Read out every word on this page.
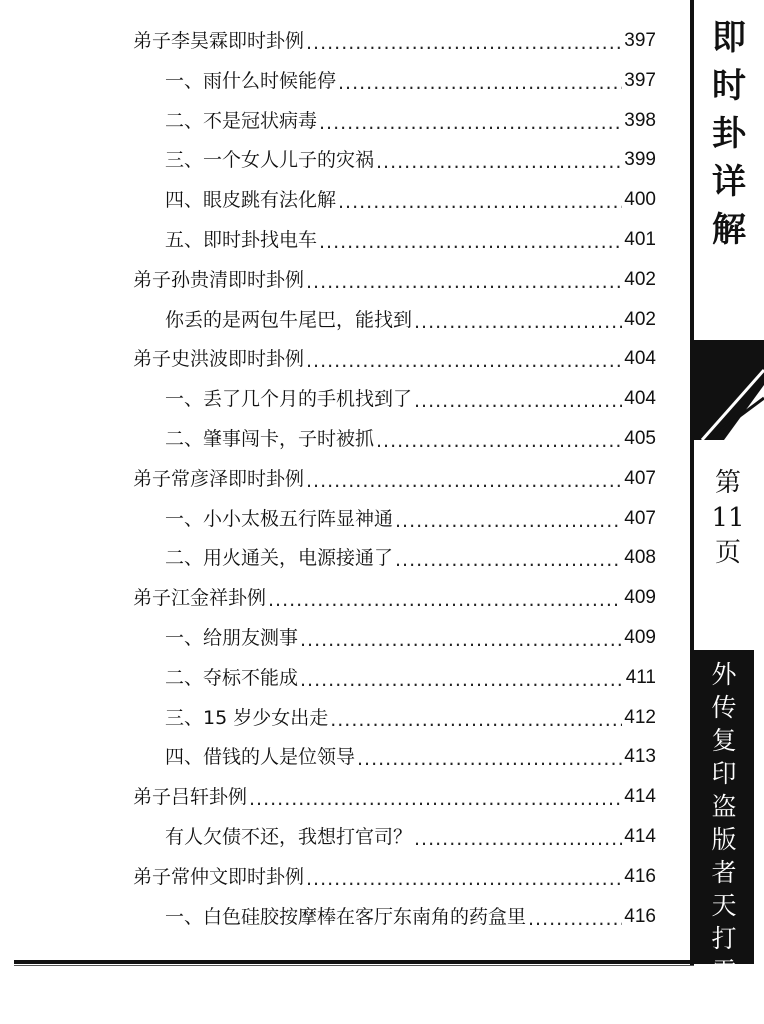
弟子李昊霖即时卦例 .....	397
一、雨什么时候能停 .....	397
二、不是冠状病毒 .....	398
三、一个女人儿子的灾祸 .....	399
四、眼皮跳有法化解 .....	400
五、即时卦找电车 .....	401
弟子孙贵清即时卦例 .....	402
你丢的是两包牛尾巴，能找到 .....	402
弟子史洪波即时卦例 .....	404
一、丢了几个月的手机找到了 .....	404
二、肇事闯卡，子时被抓 .....	405
弟子常彦泽即时卦例 .....	407
一、小小太极五行阵显神通 .....	407
二、用火通关，电源接通了 .....	408
弟子江金祥卦例 .....	409
一、给朋友测事 .....	409
二、夺标不能成 .....	411
三、15 岁少女出走 .....	412
四、借钱的人是位领导 .....	413
弟子吕轩卦例 .....	414
有人欠债不还，我想打官司？ .....	414
弟子常仲文即时卦例 .....	416
一、白色硅胶按摩棒在客厅东南角的药盒里 .....	416
即
时
卦
详
解
第
11
页
外
传
复
印
盗
版
者
天
打
雷
劈
